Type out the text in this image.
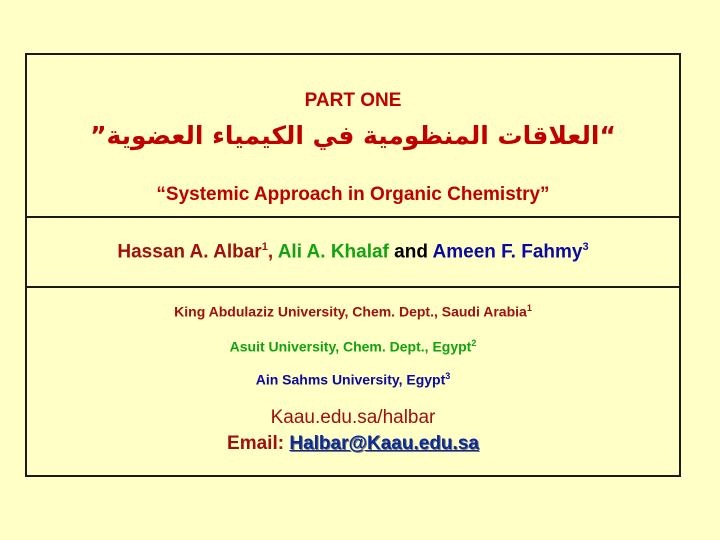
PART ONE
“العلاقات المنظومية في الكيمياء العضوية”
“Systemic Approach in Organic Chemistry”
Hassan A. Albar$^1$, Ali A. Khalaf and Ameen F. Fahmy$^3$
King Abdulaziz University, Chem. Dept., Saudi Arabia$^1$
Asuit University, Chem. Dept., Egypt$^2$
Ain Sahms University, Egypt$^3$
Kaau.edu.sa/halbar
Email: Halbar@Kaau.edu.sa
